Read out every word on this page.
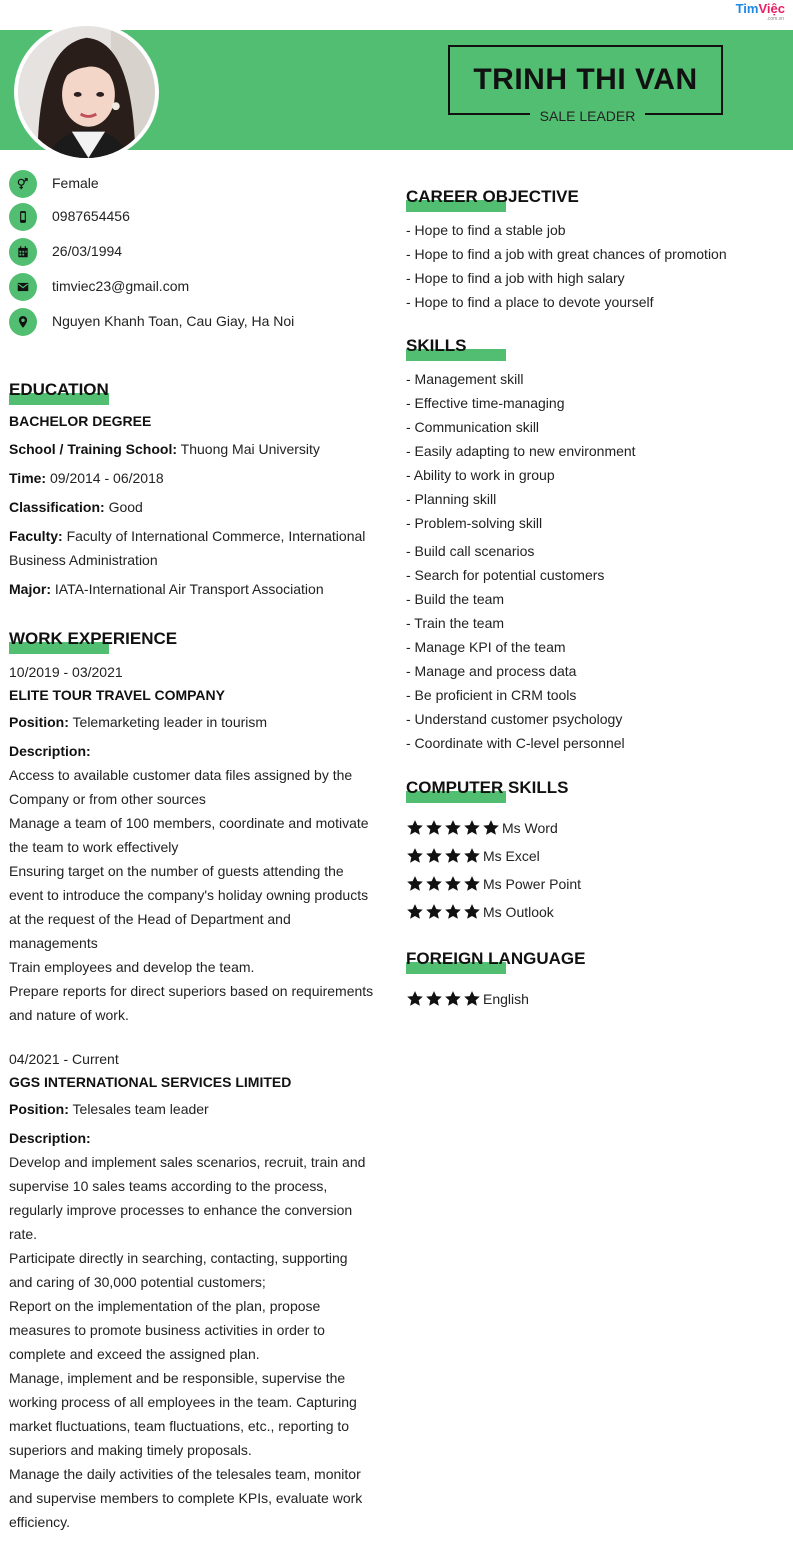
TimViệc
.com.vn
TRINH THI VAN
SALE LEADER
Female
0987654456
26/03/1994
timviec23@gmail.com
Nguyen Khanh Toan, Cau Giay, Ha Noi
EDUCATION
BACHELOR DEGREE
School / Training School: Thuong Mai University
Time: 09/2014 - 06/2018
Classification: Good
Faculty: Faculty of International Commerce, International
Business Administration
Major: IATA-International Air Transport Association
WORK EXPERIENCE
10/2019 - 03/2021
ELITE TOUR TRAVEL COMPANY
Position: Telemarketing leader in tourism
Description:
Access to available customer data files assigned by the
Company or from other sources
Manage a team of 100 members, coordinate and motivate
the team to work effectively
Ensuring target on the number of guests attending the
event to introduce the company's holiday owning products
at the request of the Head of Department and
managements
Train employees and develop the team.
Prepare reports for direct superiors based on requirements
and nature of work.
04/2021 - Current
GGS INTERNATIONAL SERVICES LIMITED
Position: Telesales team leader
Description:
Develop and implement sales scenarios, recruit, train and
supervise 10 sales teams according to the process,
regularly improve processes to enhance the conversion
rate.
Participate directly in searching, contacting, supporting
and caring of 30,000 potential customers;
Report on the implementation of the plan, propose
measures to promote business activities in order to
complete and exceed the assigned plan.
Manage, implement and be responsible, supervise the
working process of all employees in the team. Capturing
market fluctuations, team fluctuations, etc., reporting to
superiors and making timely proposals.
Manage the daily activities of the telesales team, monitor
and supervise members to complete KPIs, evaluate work
efficiency.
CAREER OBJECTIVE
- Hope to find a stable job
- Hope to find a job with great chances of promotion
- Hope to find a job with high salary
- Hope to find a place to devote yourself
SKILLS
- Management skill
- Effective time-managing
- Communication skill
- Easily adapting to new environment
- Ability to work in group
- Planning skill
- Problem-solving skill
- Build call scenarios
- Search for potential customers
- Build the team
- Train the team
- Manage KPI of the team
- Manage and process data
- Be proficient in CRM tools
- Understand customer psychology
- Coordinate with C-level personnel
COMPUTER SKILLS
Ms Word
Ms Excel
Ms Power Point
Ms Outlook
FOREIGN LANGUAGE
English
